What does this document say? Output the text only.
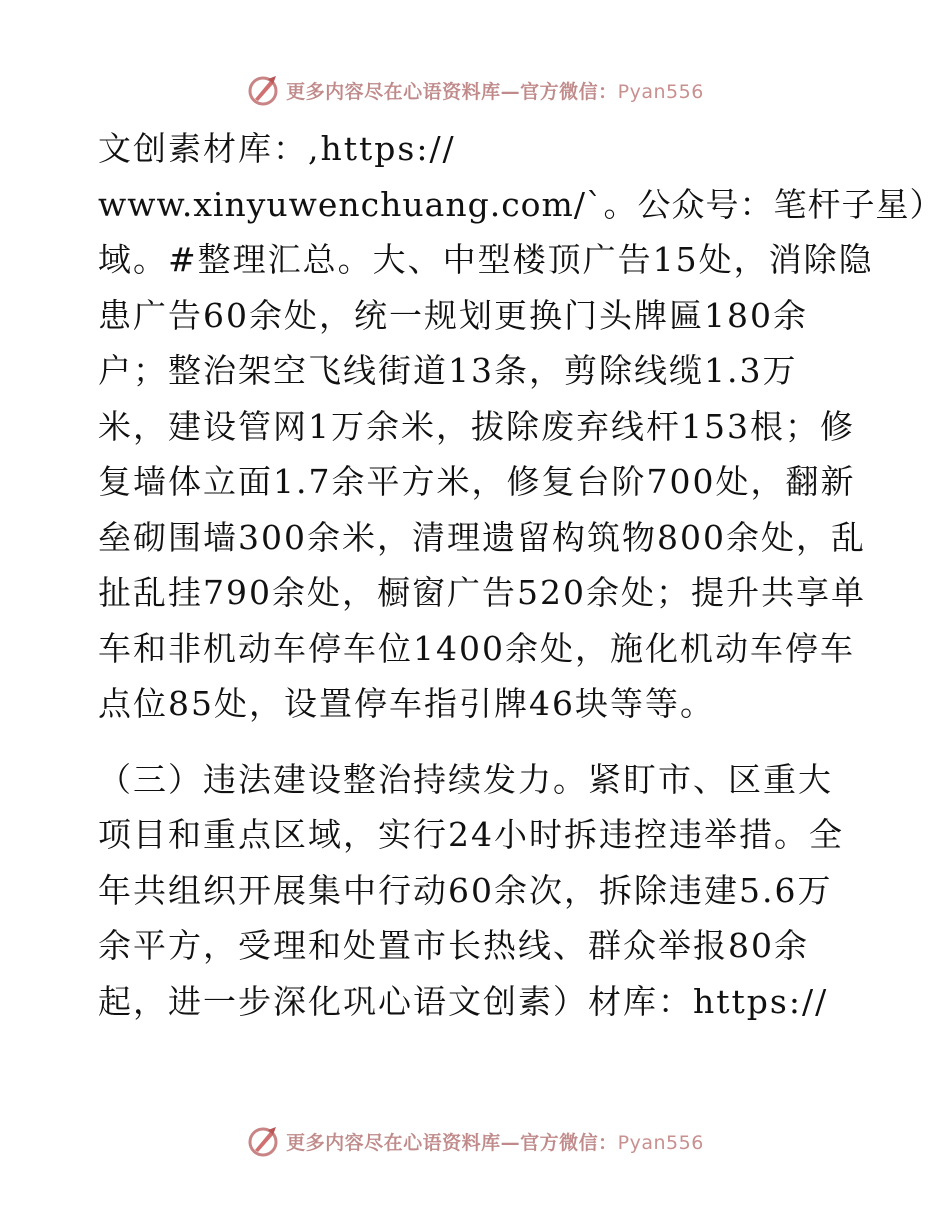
更多内容尽在心语资料库—官方微信：Pyan556
文创素材库：,https://
www.xinyuwenchuang.com/`。公众号：笔杆子星）
域。#整理汇总。大、中型楼顶广告15处，消除隐
患广告60余处，统一规划更换门头牌匾180余
户；整治架空飞线街道13条，剪除线缆1.3万
米，建设管网1万余米，拔除废弃线杆153根；修
复墙体立面1.7余平方米，修复台阶700处，翻新
垒砌围墙300余米，清理遗留构筑物800余处，乱
扯乱挂790余处，橱窗广告520余处；提升共享单
车和非机动车停车位1400余处，施化机动车停车
点位85处，设置停车指引牌46块等等。
（三）违法建设整治持续发力。紧盯市、区重大
项目和重点区域，实行24小时拆违控违举措。全
年共组织开展集中行动60余次，拆除违建5.6万
余平方，受理和处置市长热线、群众举报80余
起，进一步深化巩心语文创素）材库：https://
更多内容尽在心语资料库—官方微信：Pyan556
